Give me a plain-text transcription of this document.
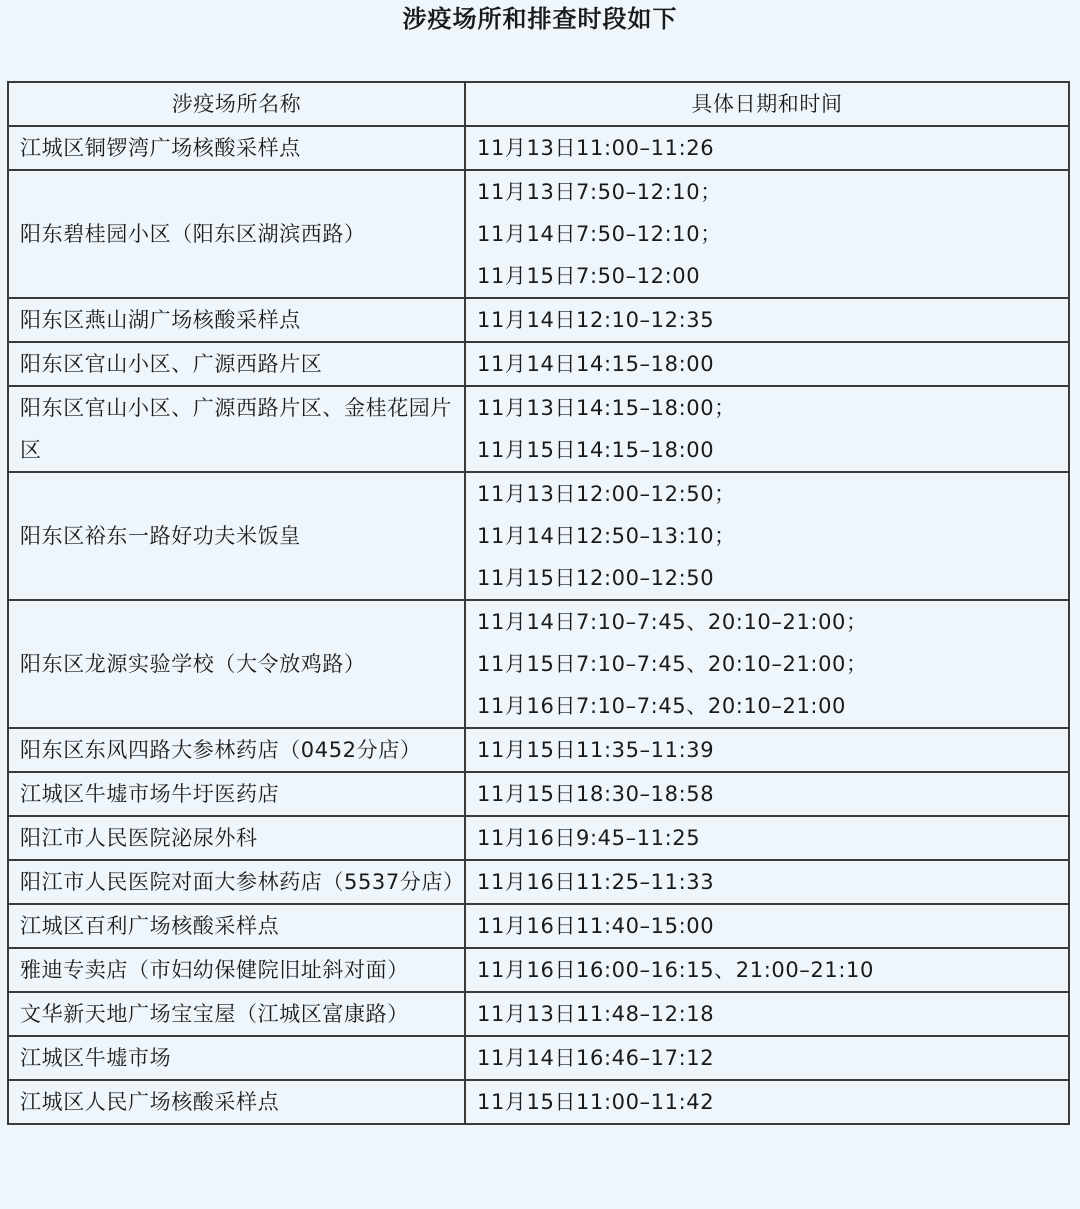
涉疫场所和排查时段如下
涉疫场所名称	具体日期和时间
江城区铜锣湾广场核酸采样点	11月13日11:00–11:26

阳东碧桂园小区（阳东区湖滨西路）	11月13日7:50–12:10；
11月14日7:50–12:10；
11月15日7:50–12:00

阳东区燕山湖广场核酸采样点	11月14日12:10–12:35

阳东区官山小区、广源西路片区	11月14日14:15–18:00

阳东区官山小区、广源西路片区、金桂花园片区	11月13日14:15–18:00；
11月15日14:15–18:00

阳东区裕东一路好功夫米饭皇	11月13日12:00–12:50；
11月14日12:50–13:10；
11月15日12:00–12:50

阳东区龙源实验学校（大令放鸡路）	11月14日7:10–7:45、20:10–21:00；
11月15日7:10–7:45、20:10–21:00；
11月16日7:10–7:45、20:10–21:00

阳东区东风四路大参林药店（0452分店）	11月15日11:35–11:39

江城区牛墟市场牛圩医药店	11月15日18:30–18:58

阳江市人民医院泌尿外科	11月16日9:45–11:25

阳江市人民医院对面大参林药店（5537分店）	11月16日11:25–11:33

江城区百利广场核酸采样点	11月16日11:40–15:00

雅迪专卖店（市妇幼保健院旧址斜对面）	11月16日16:00–16:15、21:00–21:10

文华新天地广场宝宝屋（江城区富康路）	11月13日11:48–12:18

江城区牛墟市场	11月14日16:46–17:12

江城区人民广场核酸采样点	11月15日11:00–11:42
